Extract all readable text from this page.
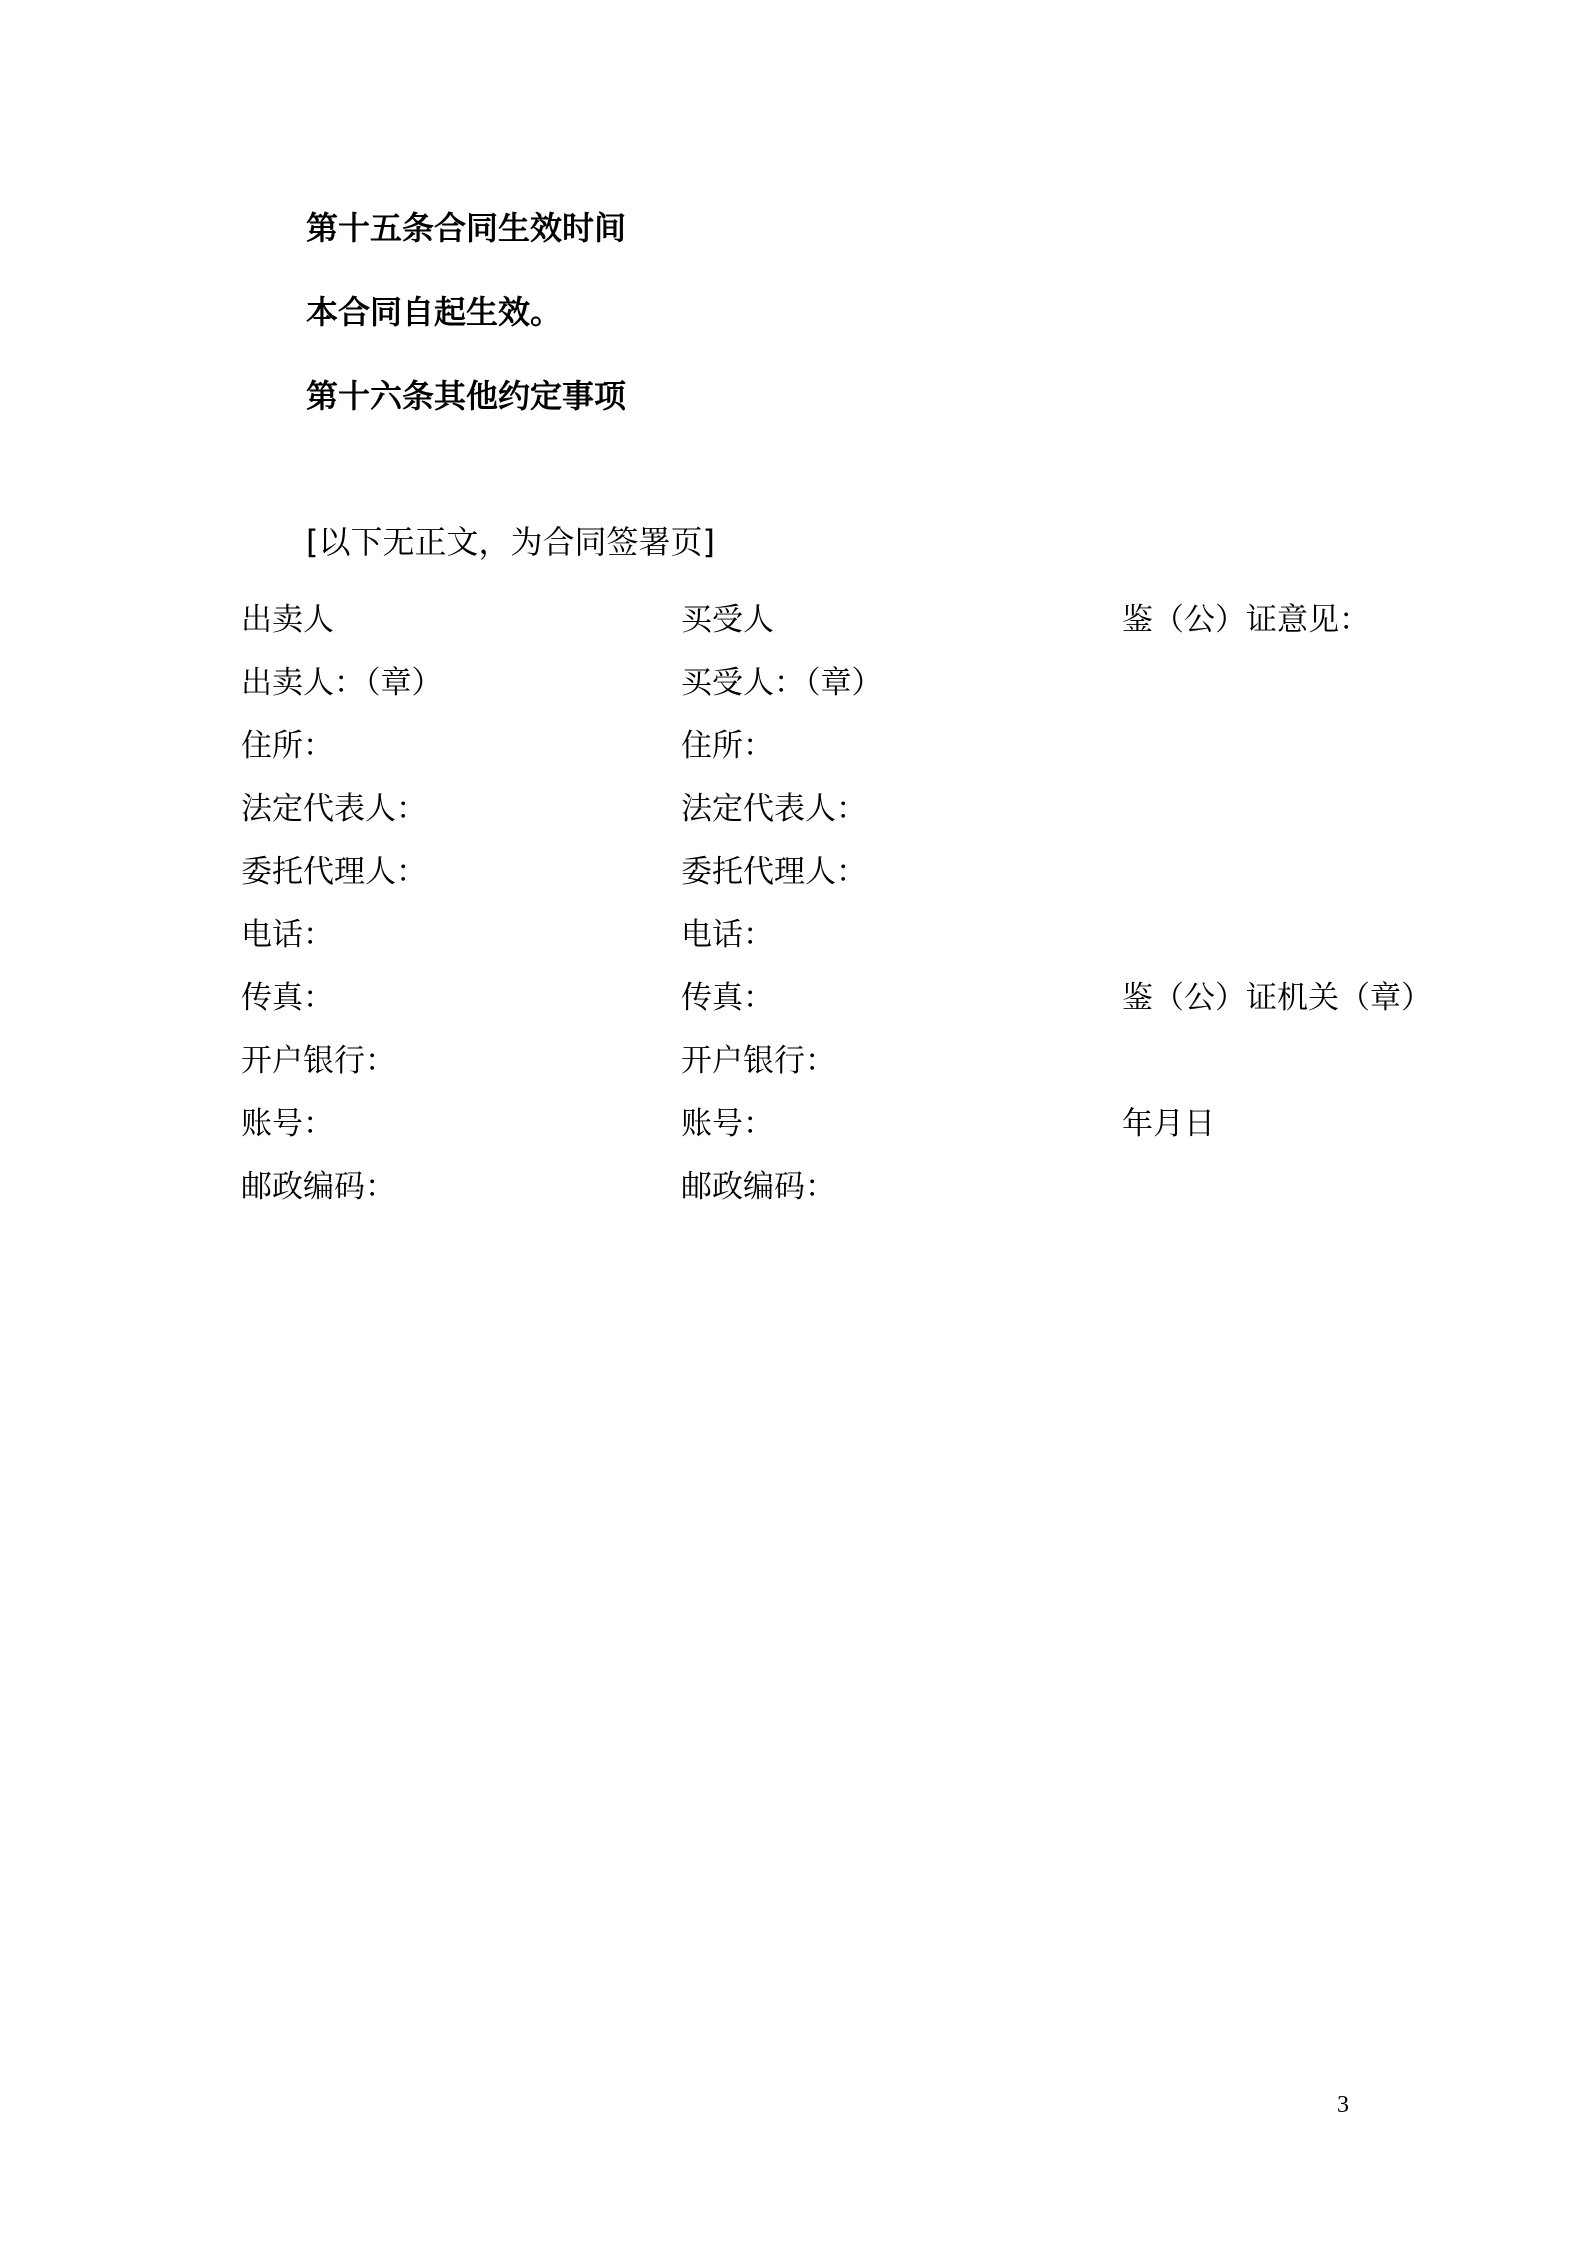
第十五条合同生效时间
本合同自起生效。
第十六条其他约定事项
[以下无正文，为合同签署页]
出卖人	买受人	鉴（公）证意见：
出卖人：（章）	买受人：（章）
住所：	住所：
法定代表人：	法定代表人：
委托代理人：	委托代理人：
电话：	电话：
传真：	传真：	鉴（公）证机关（章）
开户银行：	开户银行：
账号：	账号：	年月日
邮政编码：	邮政编码：
3
